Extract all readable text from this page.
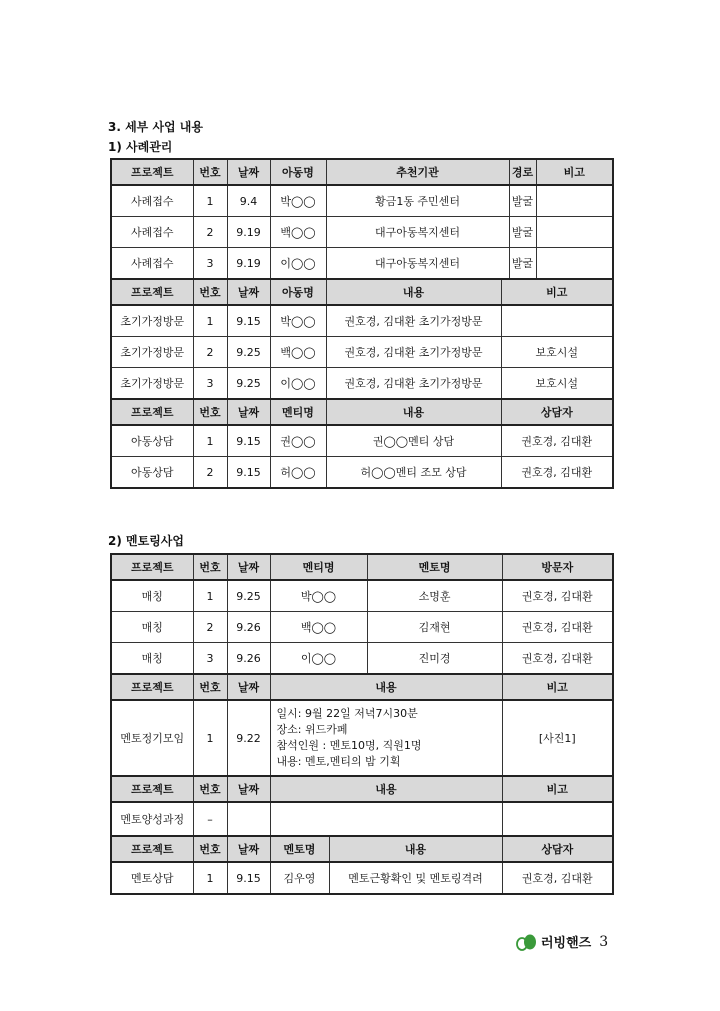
3. 세부 사업 내용
1) 사례관리
프로젝트	번호	날짜	아동명	추천기관		경로	비고
사례접수	1	9.4	박◯◯	황금1동 주민센터		발굴	
사례접수	2	9.19	백◯◯	대구아동복지센터		발굴	
사례접수	3	9.19	이◯◯	대구아동복지센터		발굴	
프로젝트	번호	날짜	아동명	내용	비고		
초기가정방문	1	9.15	박◯◯	권호경, 김대환 초기가정방문			
초기가정방문	2	9.25	백◯◯	권호경, 김대환 초기가정방문	보호시설		
초기가정방문	3	9.25	이◯◯	권호경, 김대환 초기가정방문	보호시설		
프로젝트	번호	날짜	멘티명	내용	상담자		
아동상담	1	9.15	권◯◯	권◯◯멘티 상담	권호경, 김대환		
아동상담	2	9.15	허◯◯	허◯◯멘티 조모 상담	권호경, 김대환		
2) 멘토링사업
프로젝트	번호	날짜	멘티명		멘토명	방문자
매칭	1	9.25	박◯◯		소명훈	권호경, 김대환
매칭	2	9.26	백◯◯		김재현	권호경, 김대환
매칭	3	9.26	이◯◯		진미경	권호경, 김대환
프로젝트	번호	날짜	내용			비고
멘토정기모임	1	9.22	일시: 9월 22일 저녁7시30분
장소: 위드카페
참석인원 : 멘토10명, 직원1명
내용: 멘토,멘티의 밤 기획			[사진1]
프로젝트	번호	날짜	내용			비고
멘토양성과정	–					
프로젝트	번호	날짜	멘토명	내용		상담자
멘토상담	1	9.15	김우영	멘토근황확인 및 멘토링격려		권호경, 김대환
러빙핸즈 3
